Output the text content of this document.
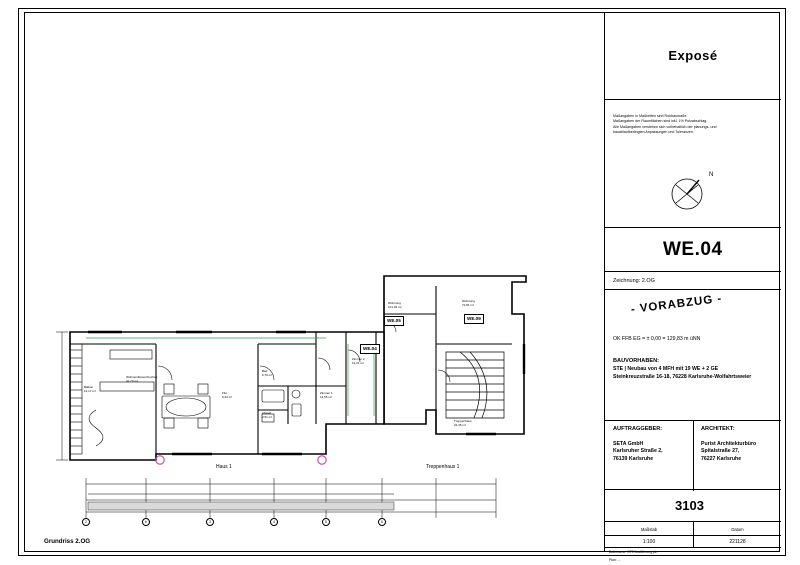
Balkon
12,17 m²
Wohnen/Essen/Kochen
41,73 m²
Flur
9,34 m²
Bad
6,79 m²
Abstell
2,51 m²
Zimmer 1
14,55 m²
Zimmer 2
12,21 m²
Wohnung
101,04 m²
Wohnung
72,81 m²
Treppenhaus
22,35 m²
WE.05
WE.04
WE.09
Haus 1	Treppenhaus 1
2	b	3	4	5	6
Grundriss 2.OG
Exposé
Maßangaben in Maßketten sind Rohbaumaße.
Maßangaben der Raumflächen sind inkl. 1% Putzabschlag.
Alle Maßangaben verstehen sich vorbehaltlich der planungs- und
bauablaufbedingten Anpassungen und Toleranzen.
N
WE.04
Zeichnung: 2.OG
- VORABZUG -
OK FFB EG = ± 0,00 = 129,83 m üNN
BAUVORHABEN:
STE | Neubau von 4 MFH mit 19 WE + 2 GE
Steinkreuzstraße 16-18, 76228 Karlsruhe-Wolfahrtsweier
AUFTRAGGEBER:
SETA GmbH
Karlsruher Straße 2,
76139 Karlsruhe
ARCHITEKT:
Purist Architekturbüro
Spitalstraße 27,
76227 Karlsruhe
3103
Maßstab	Datum
1:100	221128
Dateiname: STE Ausführung.pln
Plan: ...
